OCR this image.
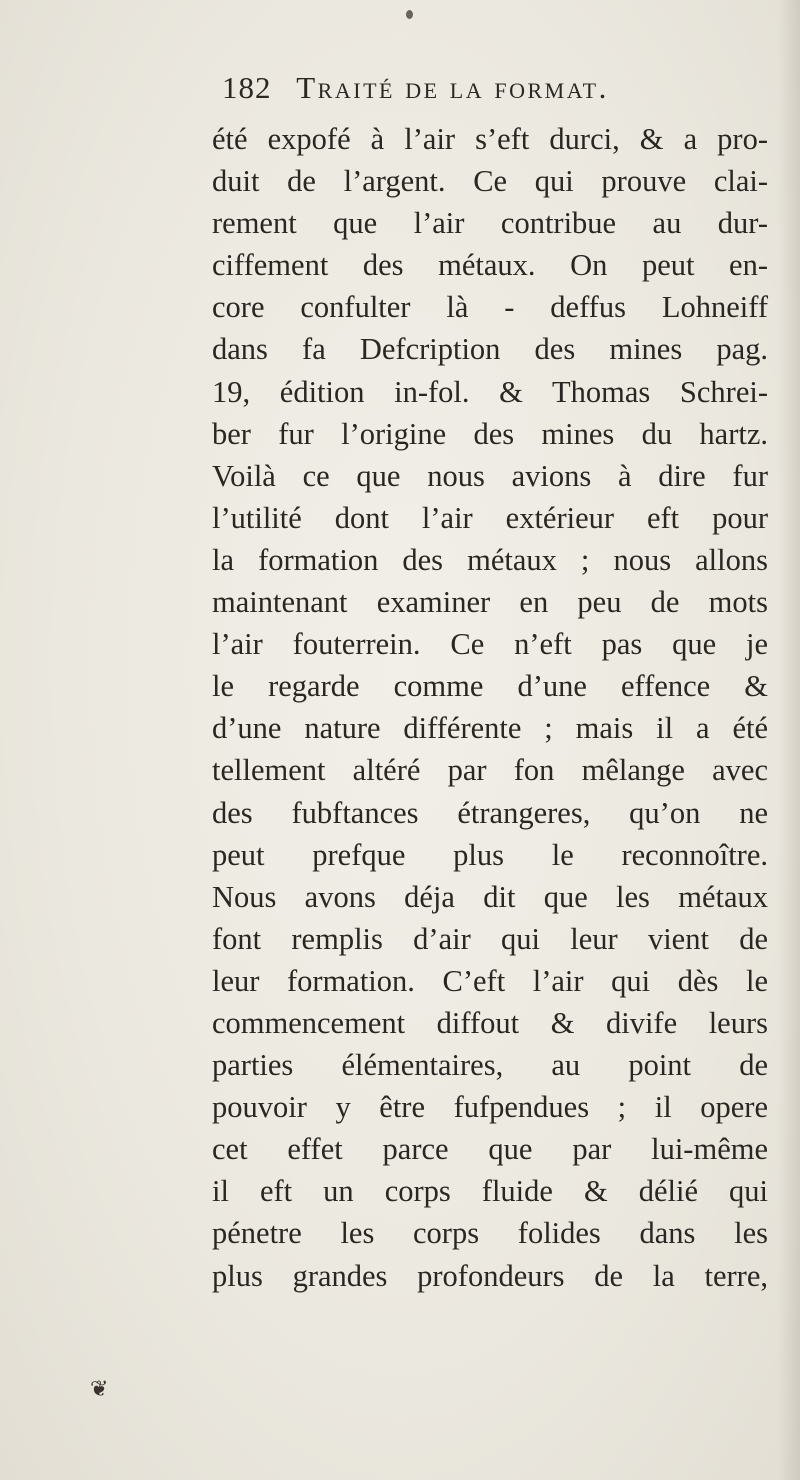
182 Traité de la format.
été expofé à l’air s’eft durci, & a pro-
duit de l’argent. Ce qui prouve clai-
rement que l’air contribue au dur-
ciffement des métaux. On peut en-
core confulter là - deffus Lohneiff
dans fa Defcription des mines pag.
19, édition in-fol. & Thomas Schrei-
ber fur l’origine des mines du hartz.
Voilà ce que nous avions à dire fur
l’utilité dont l’air extérieur eft pour
la formation des métaux ; nous allons
maintenant examiner en peu de mots
l’air fouterrein. Ce n’eft pas que je
le regarde comme d’une effence &
d’une nature différente ; mais il a été
tellement altéré par fon mêlange avec
des fubftances étrangeres, qu’on ne
peut prefque plus le reconnoître.
Nous avons déja dit que les métaux
font remplis d’air qui leur vient de
leur formation. C’eft l’air qui dès le
commencement diffout & divife leurs
parties élémentaires, au point de
pouvoir y être fufpendues ; il opere
cet effet parce que par lui-même
il eft un corps fluide & délié qui
pénetre les corps folides dans les
plus grandes profondeurs de la terre,
❦
